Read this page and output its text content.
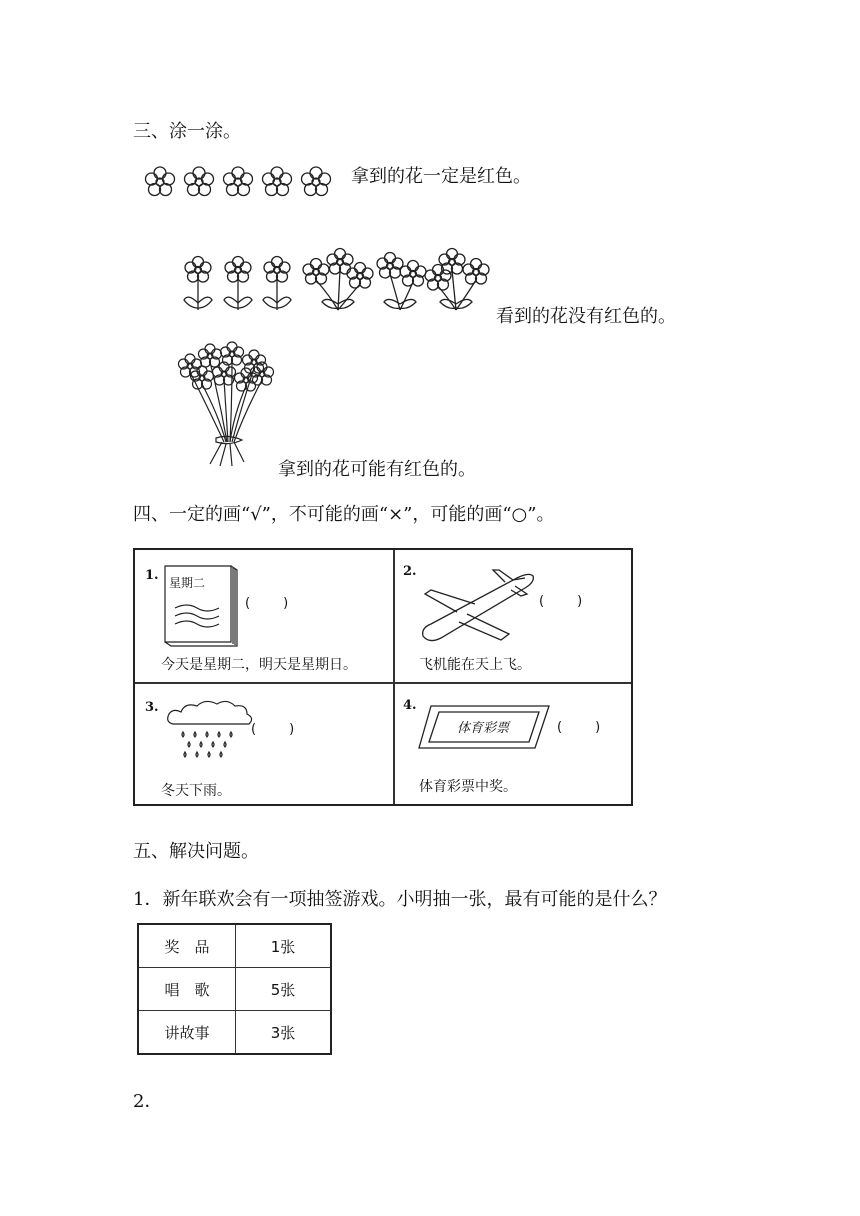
三、涂一涂。
拿到的花一定是红色。
看到的花没有红色的。
拿到的花可能有红色的。
四、一定的画“√”，不可能的画“×”，可能的画“○”。
1. 星期二
(        )
今天是星期二，明天是星期日。
2.
(        )
飞机能在天上飞。
3.
(        )
冬天下雨。
4.
体育彩票	(        )
体育彩票中奖。
五、解决问题。
1．新年联欢会有一项抽签游戏。小明抽一张，最有可能的是什么？
奖　品	1张
唱　歌	5张
讲故事	3张
2．
